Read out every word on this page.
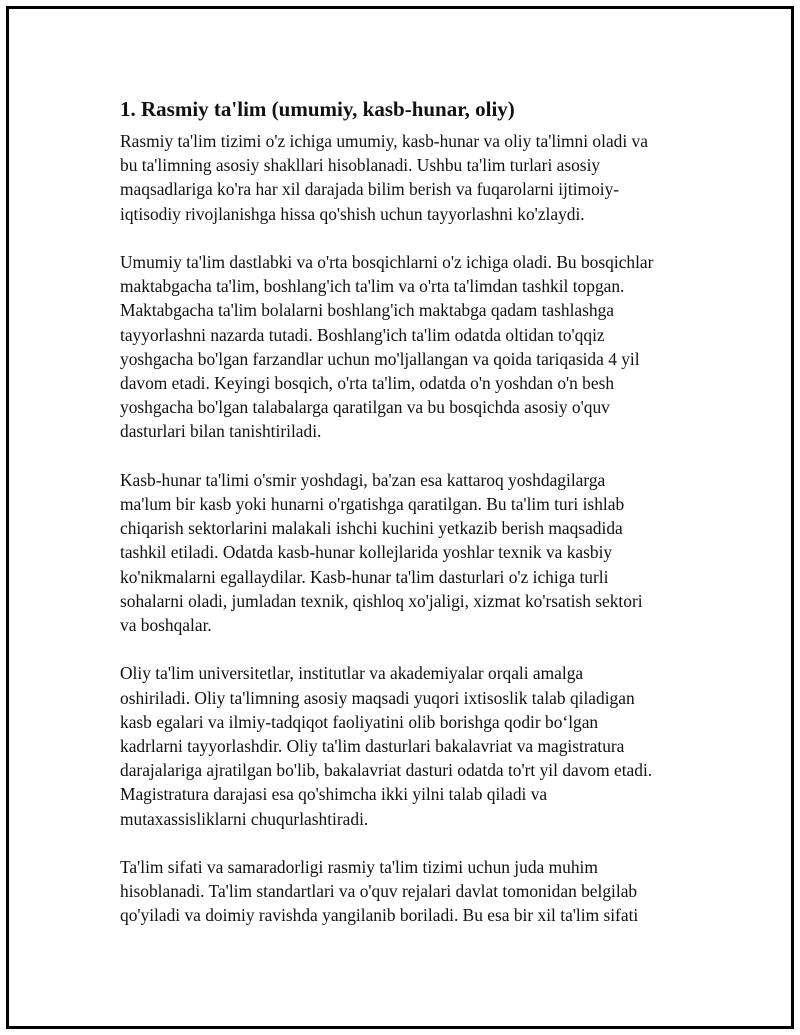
1. Rasmiy ta'lim (umumiy, kasb-hunar, oliy)
Rasmiy ta'lim tizimi o'z ichiga umumiy, kasb-hunar va oliy ta'limni oladi va
bu ta'limning asosiy shakllari hisoblanadi. Ushbu ta'lim turlari asosiy
maqsadlariga ko'ra har xil darajada bilim berish va fuqarolarni ijtimoiy-
iqtisodiy rivojlanishga hissa qo'shish uchun tayyorlashni ko'zlaydi.
Umumiy ta'lim dastlabki va o'rta bosqichlarni o'z ichiga oladi. Bu bosqichlar
maktabgacha ta'lim, boshlang'ich ta'lim va o'rta ta'limdan tashkil topgan.
Maktabgacha ta'lim bolalarni boshlang'ich maktabga qadam tashlashga
tayyorlashni nazarda tutadi. Boshlang'ich ta'lim odatda oltidan to'qqiz
yoshgacha bo'lgan farzandlar uchun mo'ljallangan va qoida tariqasida 4 yil
davom etadi. Keyingi bosqich, o'rta ta'lim, odatda o'n yoshdan o'n besh
yoshgacha bo'lgan talabalarga qaratilgan va bu bosqichda asosiy o'quv
dasturlari bilan tanishtiriladi.
Kasb-hunar ta'limi o'smir yoshdagi, ba'zan esa kattaroq yoshdagilarga
ma'lum bir kasb yoki hunarni o'rgatishga qaratilgan. Bu ta'lim turi ishlab
chiqarish sektorlarini malakali ishchi kuchini yetkazib berish maqsadida
tashkil etiladi. Odatda kasb-hunar kollejlarida yoshlar texnik va kasbiy
ko'nikmalarni egallaydilar. Kasb-hunar ta'lim dasturlari o'z ichiga turli
sohalarni oladi, jumladan texnik, qishloq xo'jaligi, xizmat ko'rsatish sektori
va boshqalar.
Oliy ta'lim universitetlar, institutlar va akademiyalar orqali amalga
oshiriladi. Oliy ta'limning asosiy maqsadi yuqori ixtisoslik talab qiladigan
kasb egalari va ilmiy-tadqiqot faoliyatini olib borishga qodir bo‘lgan
kadrlarni tayyorlashdir. Oliy ta'lim dasturlari bakalavriat va magistratura
darajalariga ajratilgan bo'lib, bakalavriat dasturi odatda to'rt yil davom etadi.
Magistratura darajasi esa qo'shimcha ikki yilni talab qiladi va
mutaxassisliklarni chuqurlashtiradi.
Ta'lim sifati va samaradorligi rasmiy ta'lim tizimi uchun juda muhim
hisoblanadi. Ta'lim standartlari va o'quv rejalari davlat tomonidan belgilab
qo'yiladi va doimiy ravishda yangilanib boriladi. Bu esa bir xil ta'lim sifati
